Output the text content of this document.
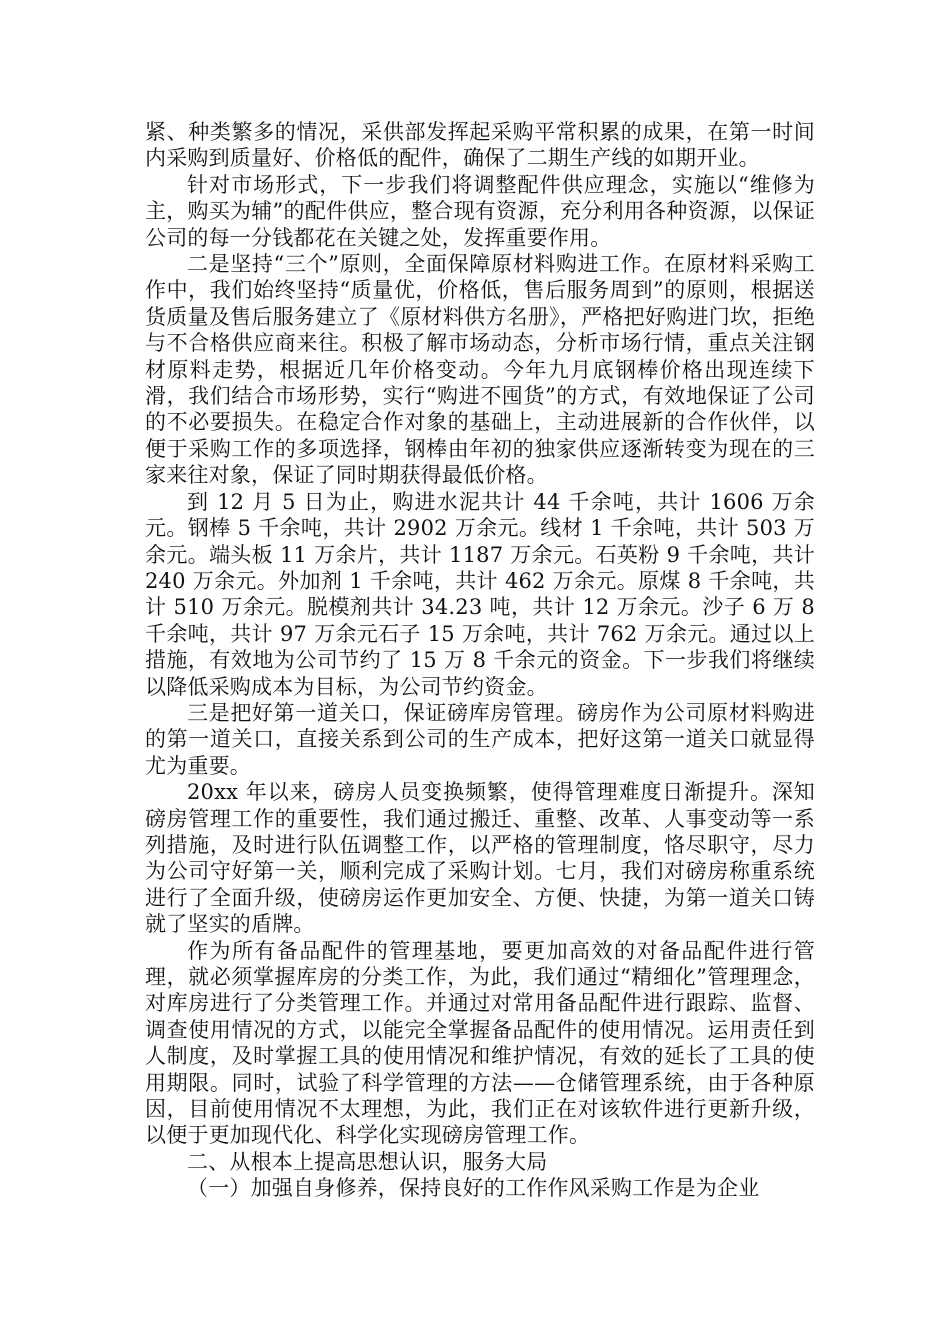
紧、种类繁多的情况，采供部发挥起采购平常积累的成果，在第一时间内采购到质量好、价格低的配件，确保了二期生产线的如期开业。

针对市场形式，下一步我们将调整配件供应理念，实施以“维修为主，购买为辅”的配件供应，整合现有资源，充分利用各种资源，以保证公司的每一分钱都花在关键之处，发挥重要作用。

二是坚持“三个”原则，全面保障原材料购进工作。在原材料采购工作中，我们始终坚持“质量优，价格低，售后服务周到”的原则，根据送货质量及售后服务建立了《原材料供方名册》，严格把好购进门坎，拒绝与不合格供应商来往。积极了解市场动态，分析市场行情，重点关注钢材原料走势，根据近几年价格变动。今年九月底钢棒价格出现连续下滑，我们结合市场形势，实行“购进不囤货”的方式，有效地保证了公司的不必要损失。在稳定合作对象的基础上，主动进展新的合作伙伴，以便于采购工作的多项选择，钢棒由年初的独家供应逐渐转变为现在的三家来往对象，保证了同时期获得最低价格。

到 12 月 5 日为止，购进水泥共计 44 千余吨，共计 1606 万余元。钢棒 5 千余吨，共计 2902 万余元。线材 1 千余吨，共计 503 万余元。端头板 11 万余片，共计 1187 万余元。石英粉 9 千余吨，共计 240 万余元。外加剂 1 千余吨，共计 462 万余元。原煤 8 千余吨，共计 510 万余元。脱模剂共计 34.23 吨，共计 12 万余元。沙子 6 万 8 千余吨，共计 97 万余元石子 15 万余吨，共计 762 万余元。通过以上措施，有效地为公司节约了 15 万 8 千余元的资金。下一步我们将继续以降低采购成本为目标，为公司节约资金。

三是把好第一道关口，保证磅库房管理。磅房作为公司原材料购进的第一道关口，直接关系到公司的生产成本，把好这第一道关口就显得尤为重要。

20xx 年以来，磅房人员变换频繁，使得管理难度日渐提升。深知磅房管理工作的重要性，我们通过搬迁、重整、改革、人事变动等一系列措施，及时进行队伍调整工作，以严格的管理制度，恪尽职守，尽力为公司守好第一关，顺利完成了采购计划。七月，我们对磅房称重系统进行了全面升级，使磅房运作更加安全、方便、快捷，为第一道关口铸就了坚实的盾牌。

作为所有备品配件的管理基地，要更加高效的对备品配件进行管理，就必须掌握库房的分类工作，为此，我们通过“精细化”管理理念，对库房进行了分类管理工作。并通过对常用备品配件进行跟踪、监督、调查使用情况的方式，以能完全掌握备品配件的使用情况。运用责任到人制度，及时掌握工具的使用情况和维护情况，有效的延长了工具的使用期限。同时，试验了科学管理的方法——仓储管理系统，由于各种原因，目前使用情况不太理想，为此，我们正在对该软件进行更新升级，以便于更加现代化、科学化实现磅房管理工作。

二、从根本上提高思想认识，服务大局

（一）加强自身修养，保持良好的工作作风采购工作是为企业
